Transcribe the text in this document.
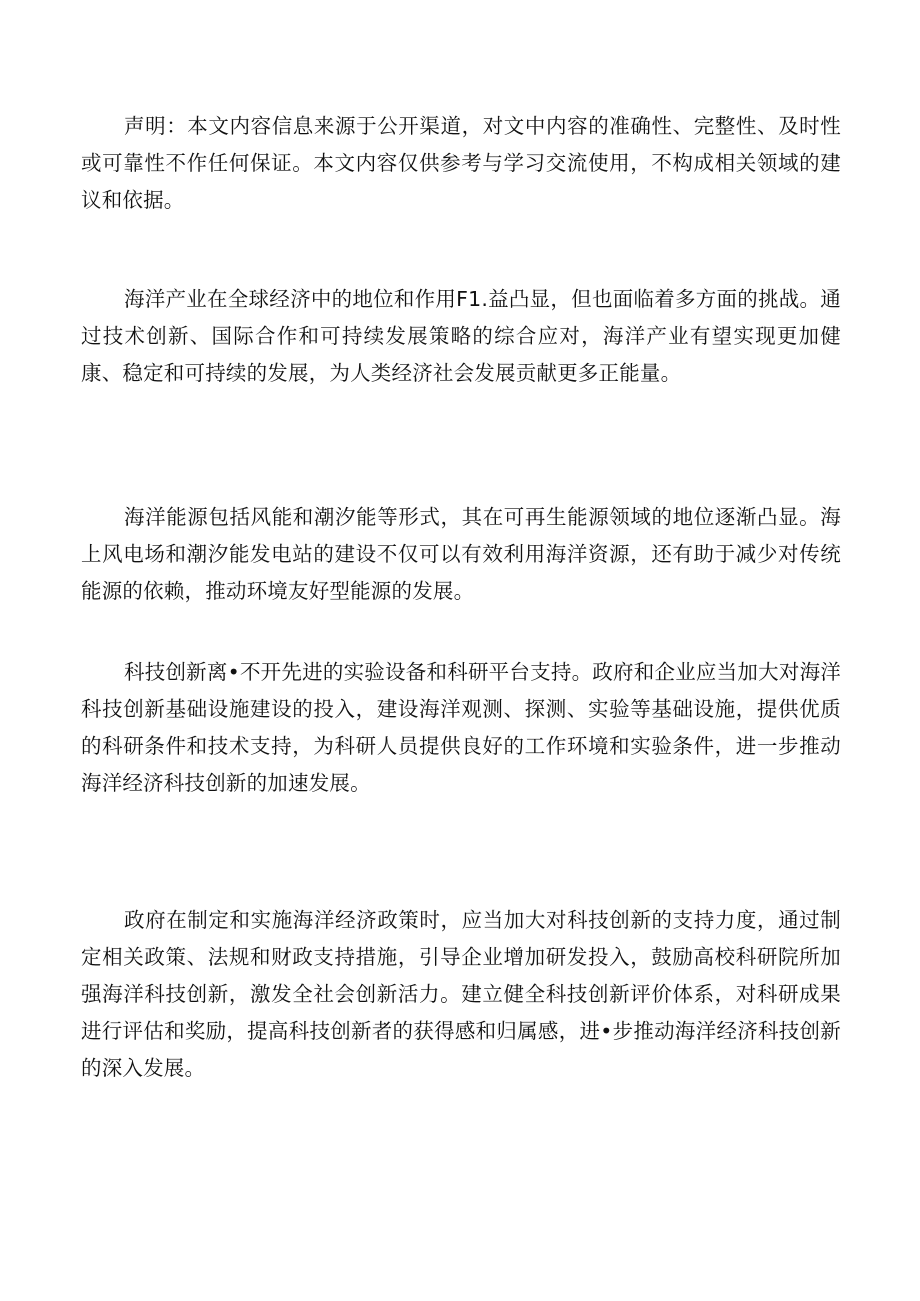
声明：本文内容信息来源于公开渠道，对文中内容的准确性、完整性、及时性或可靠性不作任何保证。本文内容仅供参考与学习交流使用，不构成相关领域的建议和依据。

海洋产业在全球经济中的地位和作用F1.益凸显，但也面临着多方面的挑战。通过技术创新、国际合作和可持续发展策略的综合应对，海洋产业有望实现更加健康、稳定和可持续的发展，为人类经济社会发展贡献更多正能量。

海洋能源包括风能和潮汐能等形式，其在可再生能源领域的地位逐渐凸显。海上风电场和潮汐能发电站的建设不仅可以有效利用海洋资源，还有助于减少对传统能源的依赖，推动环境友好型能源的发展。

科技创新离•不开先进的实验设备和科研平台支持。政府和企业应当加大对海洋科技创新基础设施建设的投入，建设海洋观测、探测、实验等基础设施，提供优质的科研条件和技术支持，为科研人员提供良好的工作环境和实验条件，进一步推动海洋经济科技创新的加速发展。

政府在制定和实施海洋经济政策时，应当加大对科技创新的支持力度，通过制定相关政策、法规和财政支持措施，引导企业增加研发投入，鼓励高校科研院所加强海洋科技创新，激发全社会创新活力。建立健全科技创新评价体系，对科研成果进行评估和奖励，提高科技创新者的获得感和归属感，进•步推动海洋经济科技创新的深入发展。
